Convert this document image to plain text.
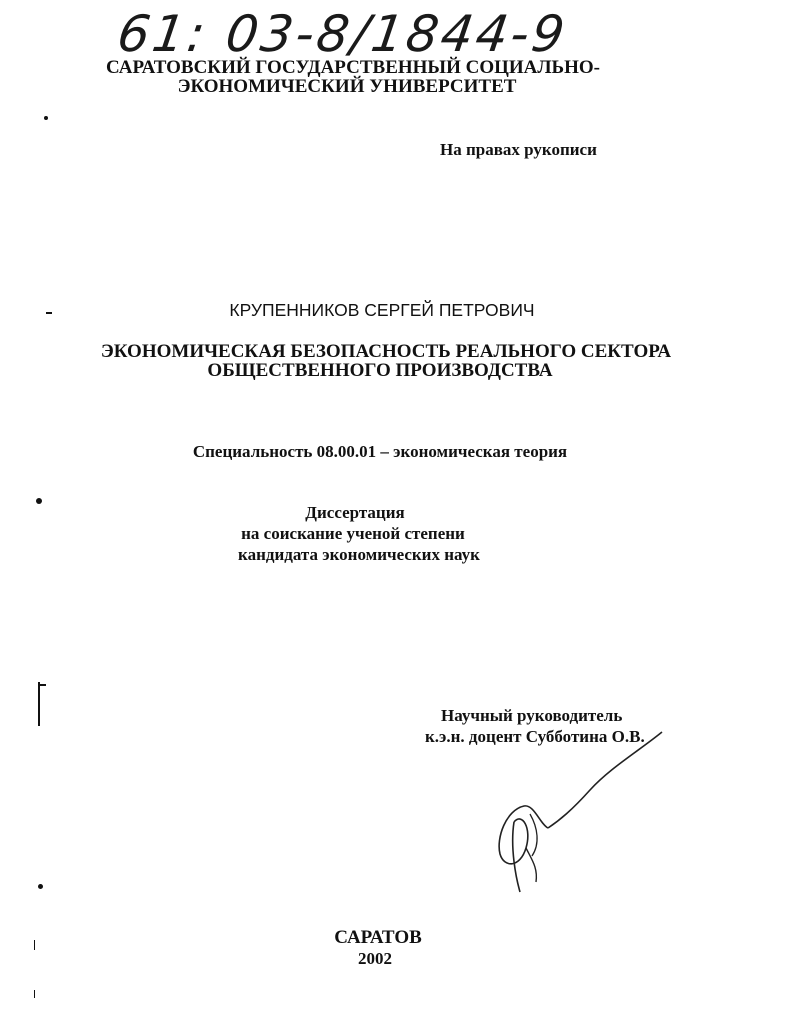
61: 03-8/1844-9

САРАТОВСКИЙ ГОСУДАРСТВЕННЫЙ СОЦИАЛЬНО-

ЭКОНОМИЧЕСКИЙ УНИВЕРСИТЕТ

На правах рукописи

КРУПЕННИКОВ СЕРГЕЙ ПЕТРОВИЧ

ЭКОНОМИЧЕСКАЯ БЕЗОПАСНОСТЬ РЕАЛЬНОГО СЕКТОРА

ОБЩЕСТВЕННОГО ПРОИЗВОДСТВА

Специальность 08.00.01 – экономическая теория

Диссертация

на соискание ученой степени

кандидата экономических наук

Научный руководитель

к.э.н. доцент Субботина О.В.

САРАТОВ

2002
